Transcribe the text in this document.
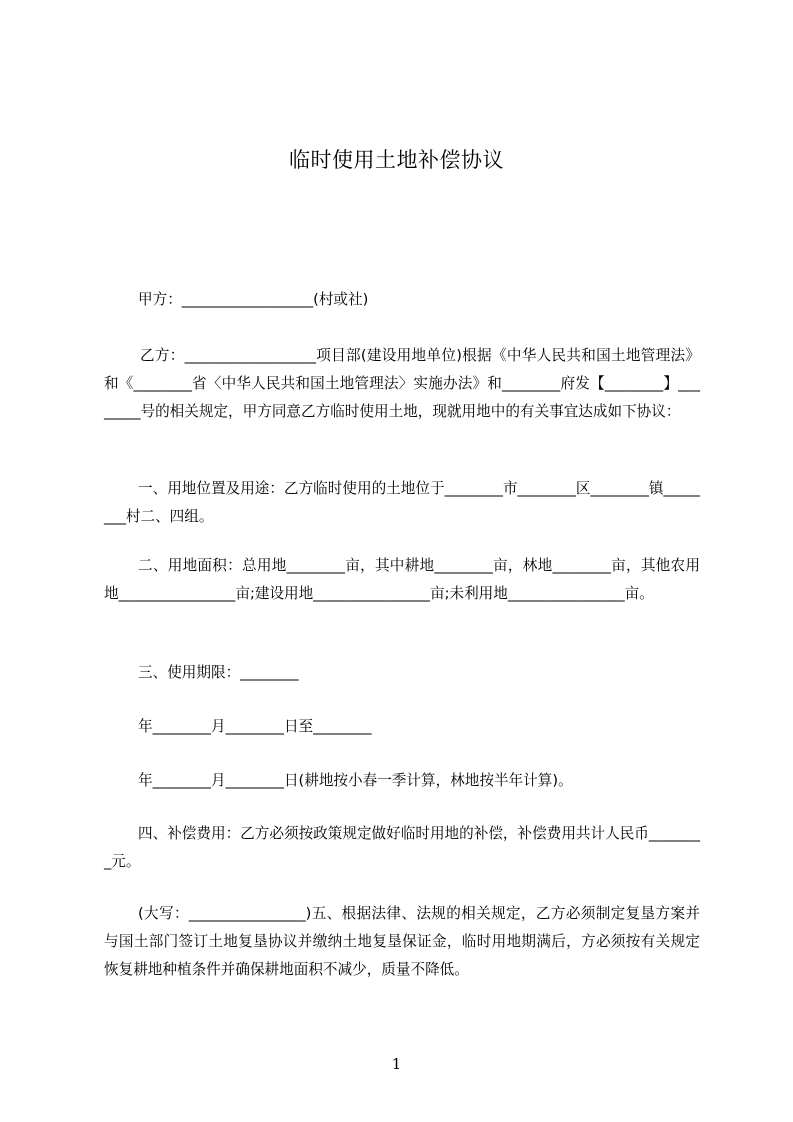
临时使用土地补偿协议

甲方：__________________(村或社)

乙方：__________________项目部(建设用地单位)根据《中华人民共和国土地管理法》和《________省〈中华人民共和国土地管理法〉实施办法》和________府发【________】________号的相关规定，甲方同意乙方临时使用土地，现就用地中的有关事宜达成如下协议：

一、用地位置及用途：乙方临时使用的土地位于________市________区________镇________村二、四组。

二、用地面积：总用地________亩，其中耕地________亩，林地________亩，其他农用地________________亩;建设用地________________亩;未利用地________________亩。

三、使用期限：________

年________月________日至________

年________月________日(耕地按小春一季计算，林地按半年计算)。

四、补偿费用：乙方必须按政策规定做好临时用地的补偿，补偿费用共计人民币________元。

(大写：________________)五、根据法律、法规的相关规定，乙方必须制定复垦方案并与国土部门签订土地复垦协议并缴纳土地复垦保证金，临时用地期满后，方必须按有关规定恢复耕地种植条件并确保耕地面积不减少，质量不降低。

1
